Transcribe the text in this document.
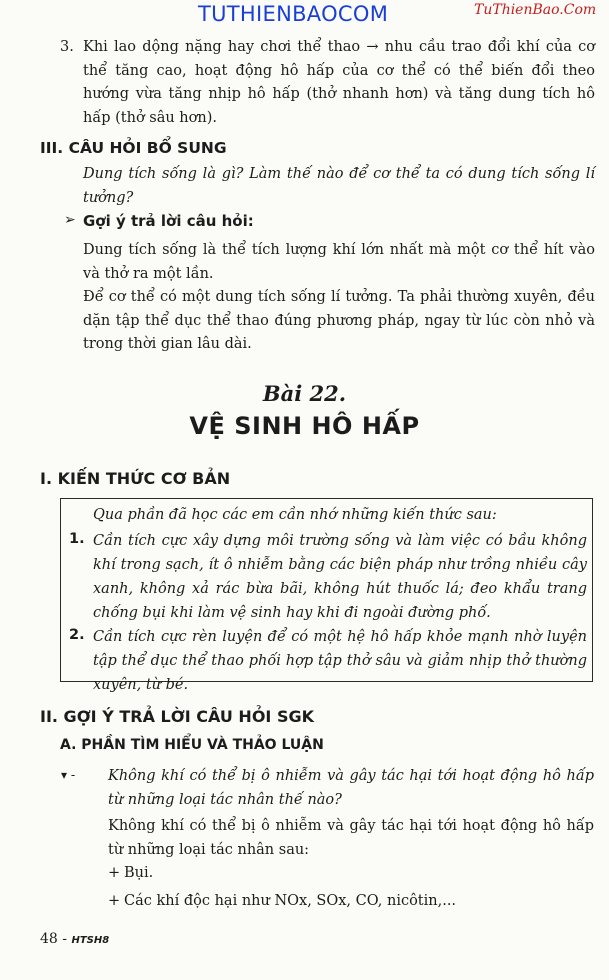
TUTHIENBAOCOM	TuThienBao.Com
3. Khi lao dộng nặng hay chơi thể thao → nhu cầu trao đổi khí của cơ thể tăng cao, hoạt động hô hấp của cơ thể có thể biến đổi theo hướng vừa tăng nhịp hô hấp (thở nhanh hơn) và tăng dung tích hô hấp (thở sâu hơn).
III. CÂU HỎI BỔ SUNG
Dung tích sống là gì? Làm thế nào để cơ thể ta có dung tích sống lí tưởng?
➢ Gợi ý trả lời câu hỏi:
Dung tích sống là thể tích lượng khí lớn nhất mà một cơ thể hít vào và thở ra một lần.
Để cơ thể có một dung tích sống lí tưởng. Ta phải thường xuyên, đều dặn tập thể dục thể thao đúng phương pháp, ngay từ lúc còn nhỏ và trong thời gian lâu dài.
Bài 22.
VỆ SINH HÔ HẤP
I. KIẾN THỨC CƠ BẢN
Qua phần đã học các em cần nhớ những kiến thức sau:
1. Cần tích cực xây dựng môi trường sống và làm việc có bầu không khí trong sạch, ít ô nhiễm bằng các biện pháp như trồng nhiều cây xanh, không xả rác bừa bãi, không hút thuốc lá; đeo khẩu trang chống bụi khi làm vệ sinh hay khi đi ngoài đường phố.
2. Cần tích cực rèn luyện để có một hệ hô hấp khỏe mạnh nhờ luyện tập thể dục thể thao phối hợp tập thở sâu và giảm nhịp thở thường xuyên, từ bé.
II. GỢI Ý TRẢ LỜI CÂU HỎI SGK
A. PHẦN TÌM HIỂU VÀ THẢO LUẬN
▾ - Không khí có thể bị ô nhiễm và gây tác hại tới hoạt động hô hấp từ những loại tác nhân thế nào?
Không khí có thể bị ô nhiễm và gây tác hại tới hoạt động hô hấp từ những loại tác nhân sau:
+ Bụi.
+ Các khí độc hại như NOx, SOx, CO, nicôtin,...
48 - HTSH8
